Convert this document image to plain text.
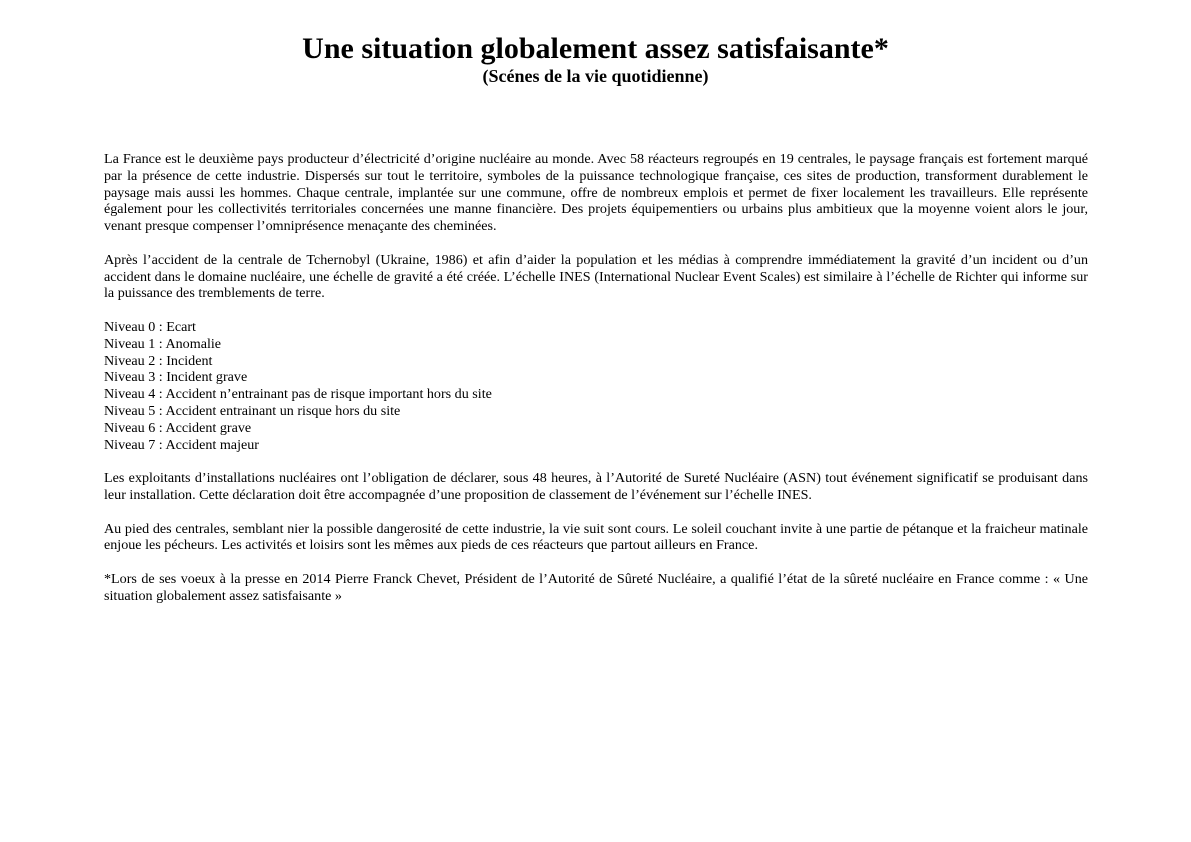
Une situation globalement assez satisfaisante*
(Scénes de la vie quotidienne)

La France est le deuxième pays producteur d’électricité d’origine nucléaire au monde. Avec 58 réacteurs regroupés en 19 centrales, le paysage français est fortement marqué par la présence de cette industrie. Dispersés sur tout le territoire, symboles de la puissance technologique française, ces sites de production, transforment durablement le paysage mais aussi les hommes. Chaque centrale, implantée sur une commune, offre de nombreux emplois et permet de fixer localement les travailleurs. Elle représente également pour les collectivités territoriales concernées une manne financière. Des projets équipementiers ou urbains plus ambitieux que la moyenne voient alors le jour, venant presque compenser l’omniprésence menaçante des cheminées.

Après l’accident de la centrale de Tchernobyl (Ukraine, 1986) et afin d’aider la population et les médias à comprendre immédiatement la gravité d’un incident ou d’un accident dans le domaine nucléaire, une échelle de gravité a été créée. L’échelle INES (International Nuclear Event Scales) est similaire à l’échelle de Richter qui informe sur la puissance des tremblements de terre.

Niveau 0 : Ecart
Niveau 1 : Anomalie
Niveau 2 : Incident
Niveau 3 : Incident grave
Niveau 4 : Accident n’entrainant pas de risque important hors du site
Niveau 5 : Accident entrainant un risque hors du site
Niveau 6 : Accident grave
Niveau 7 : Accident majeur

Les exploitants d’installations nucléaires ont l’obligation de déclarer, sous 48 heures, à l’Autorité de Sureté Nucléaire (ASN) tout événement significatif se produisant dans leur installation. Cette déclaration doit être accompagnée d’une proposition de classement de l’événement sur l’échelle INES.

Au pied des centrales, semblant nier la possible dangerosité de cette industrie, la vie suit sont cours. Le soleil couchant invite à une partie de pétanque et la fraicheur matinale enjoue les pécheurs. Les activités et loisirs sont les mêmes aux pieds de ces réacteurs que partout ailleurs en France.

*Lors de ses voeux à la presse en 2014 Pierre Franck Chevet, Président de l’Autorité de Sûreté Nucléaire, a qualifié l’état de la sûreté nucléaire en France comme : « Une situation globalement assez satisfaisante »
